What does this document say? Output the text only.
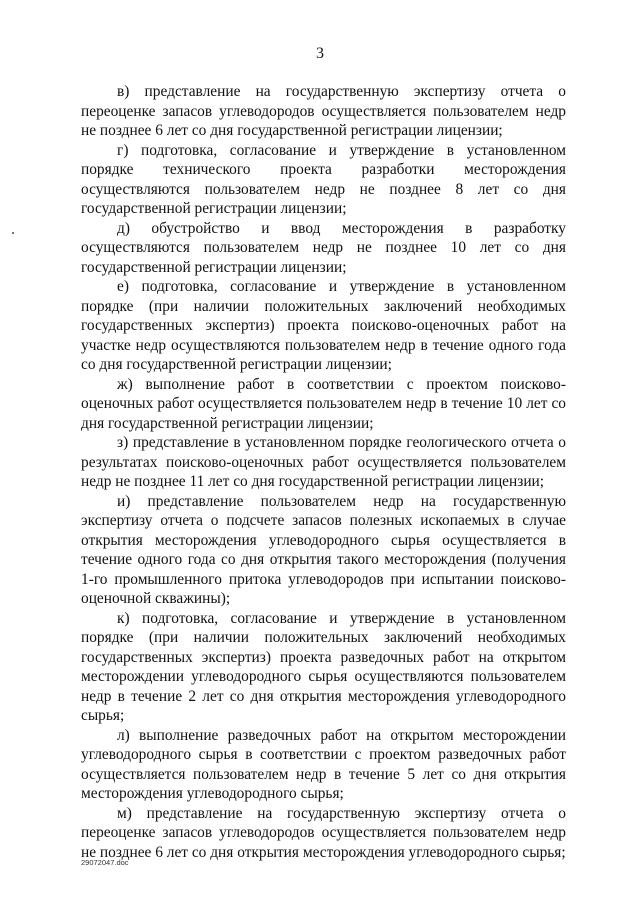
3

в) представление на государственную экспертизу отчета о переоценке запасов углеводородов осуществляется пользователем недр не позднее 6 лет со дня государственной регистрации лицензии;

г) подготовка, согласование и утверждение в установленном порядке технического проекта разработки месторождения осуществляются пользователем недр не позднее 8 лет со дня государственной регистрации лицензии;

д) обустройство и ввод месторождения в разработку осуществляются пользователем недр не позднее 10 лет со дня государственной регистрации лицензии;

е) подготовка, согласование и утверждение в установленном порядке (при наличии положительных заключений необходимых государственных экспертиз) проекта поисково-оценочных работ на участке недр осуществляются пользователем недр в течение одного года со дня государственной регистрации лицензии;

ж) выполнение работ в соответствии с проектом поисково-оценочных работ осуществляется пользователем недр в течение 10 лет со дня государственной регистрации лицензии;

з) представление в установленном порядке геологического отчета о результатах поисково-оценочных работ осуществляется пользователем недр не позднее 11 лет со дня государственной регистрации лицензии;

и) представление пользователем недр на государственную экспертизу отчета о подсчете запасов полезных ископаемых в случае открытия месторождения углеводородного сырья осуществляется в течение одного года со дня открытия такого месторождения (получения 1-го промышленного притока углеводородов при испытании поисково-оценочной скважины);

к) подготовка, согласование и утверждение в установленном порядке (при наличии положительных заключений необходимых государственных экспертиз) проекта разведочных работ на открытом месторождении углеводородного сырья осуществляются пользователем недр в течение 2 лет со дня открытия месторождения углеводородного сырья;

л) выполнение разведочных работ на открытом месторождении углеводородного сырья в соответствии с проектом разведочных работ осуществляется пользователем недр в течение 5 лет со дня открытия месторождения углеводородного сырья;

м) представление на государственную экспертизу отчета о переоценке запасов углеводородов осуществляется пользователем недр не позднее 6 лет со дня открытия месторождения углеводородного сырья;

29072047.doc
